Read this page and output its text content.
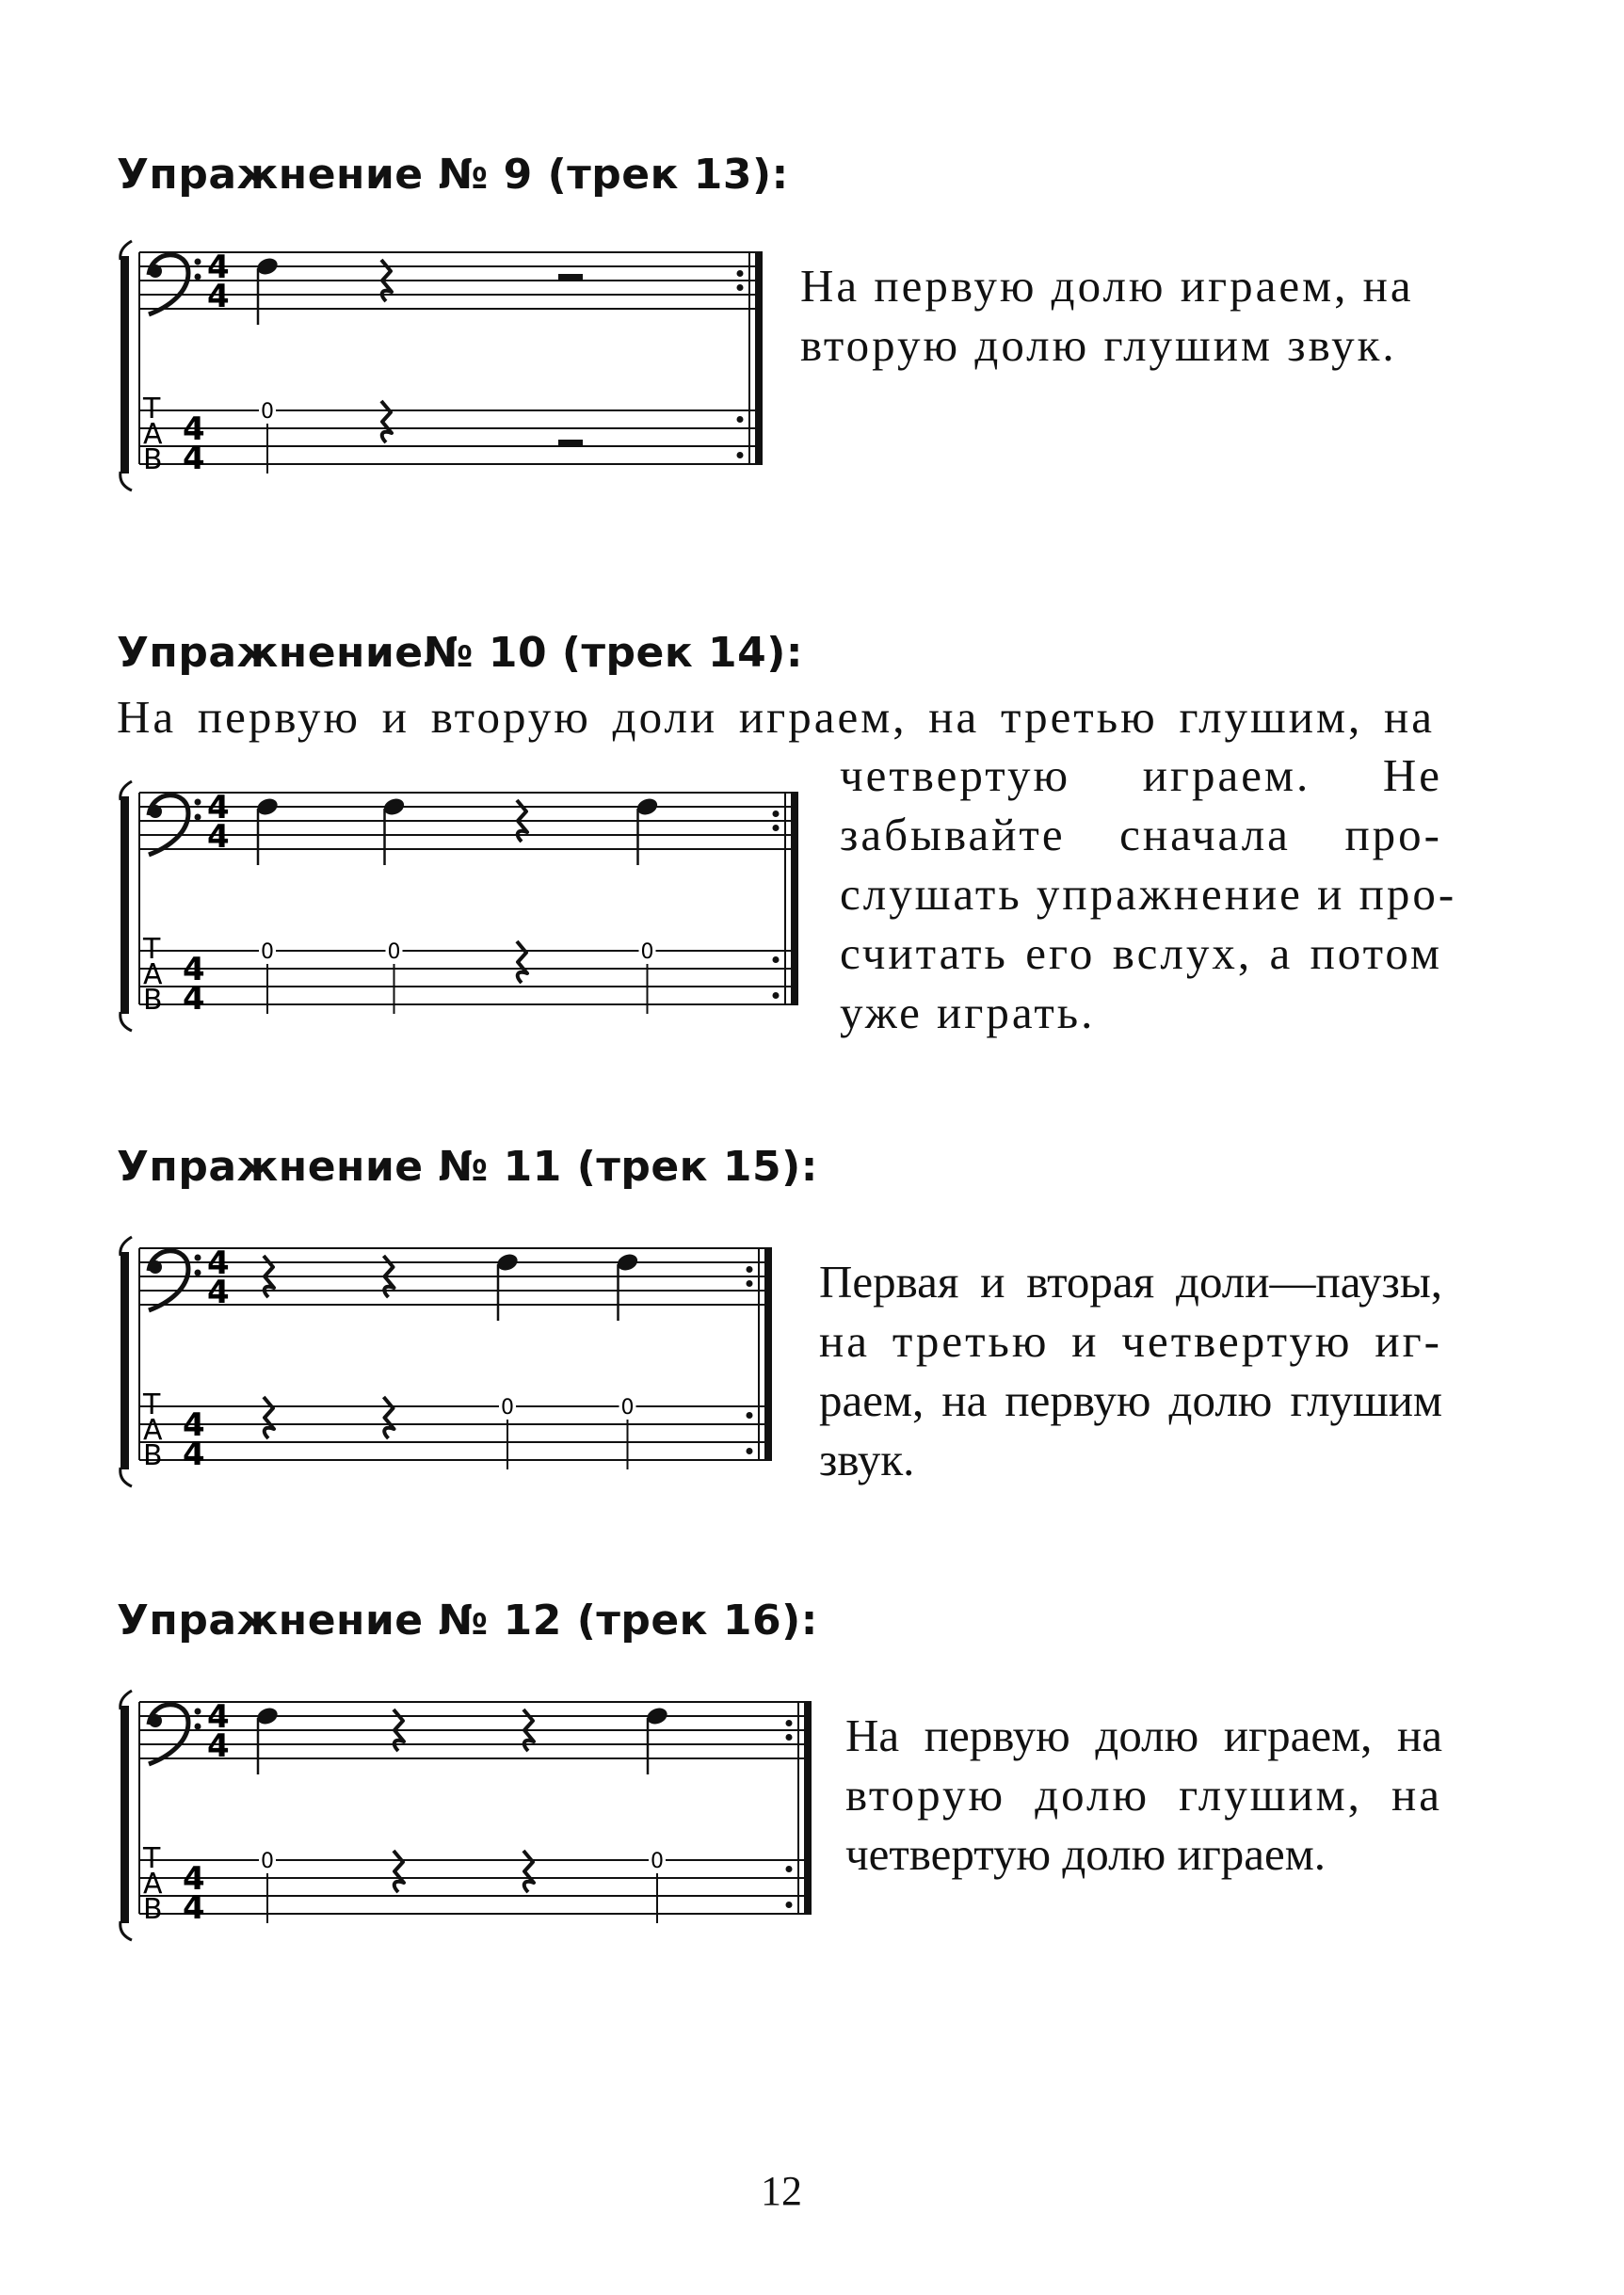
Упражнение № 9 (трек 13):
4
4
4
4
T
A
B
0
На первую долю играем, на
вторую долю глушим звук.
Упражнение№ 10 (трек 14):
На первую и вторую доли играем, на третью глушим, на
4
4
4
4
T
A
B
0	0	0
четвертую играем. Не
забывайте сначала про-
слушать упражнение и про-
считать его вслух, а потом
уже играть.
Упражнение № 11 (трек 15):
4
4
4
4
T
A
B
0	0
Первая и вторая доли—паузы,
на третью и четвертую иг-
раем, на первую долю глушим
звук.
Упражнение № 12 (трек 16):
4
4
4
4
T
A
B
0	0
На первую долю играем, на
вторую долю глушим, на
четвертую долю играем.
12
